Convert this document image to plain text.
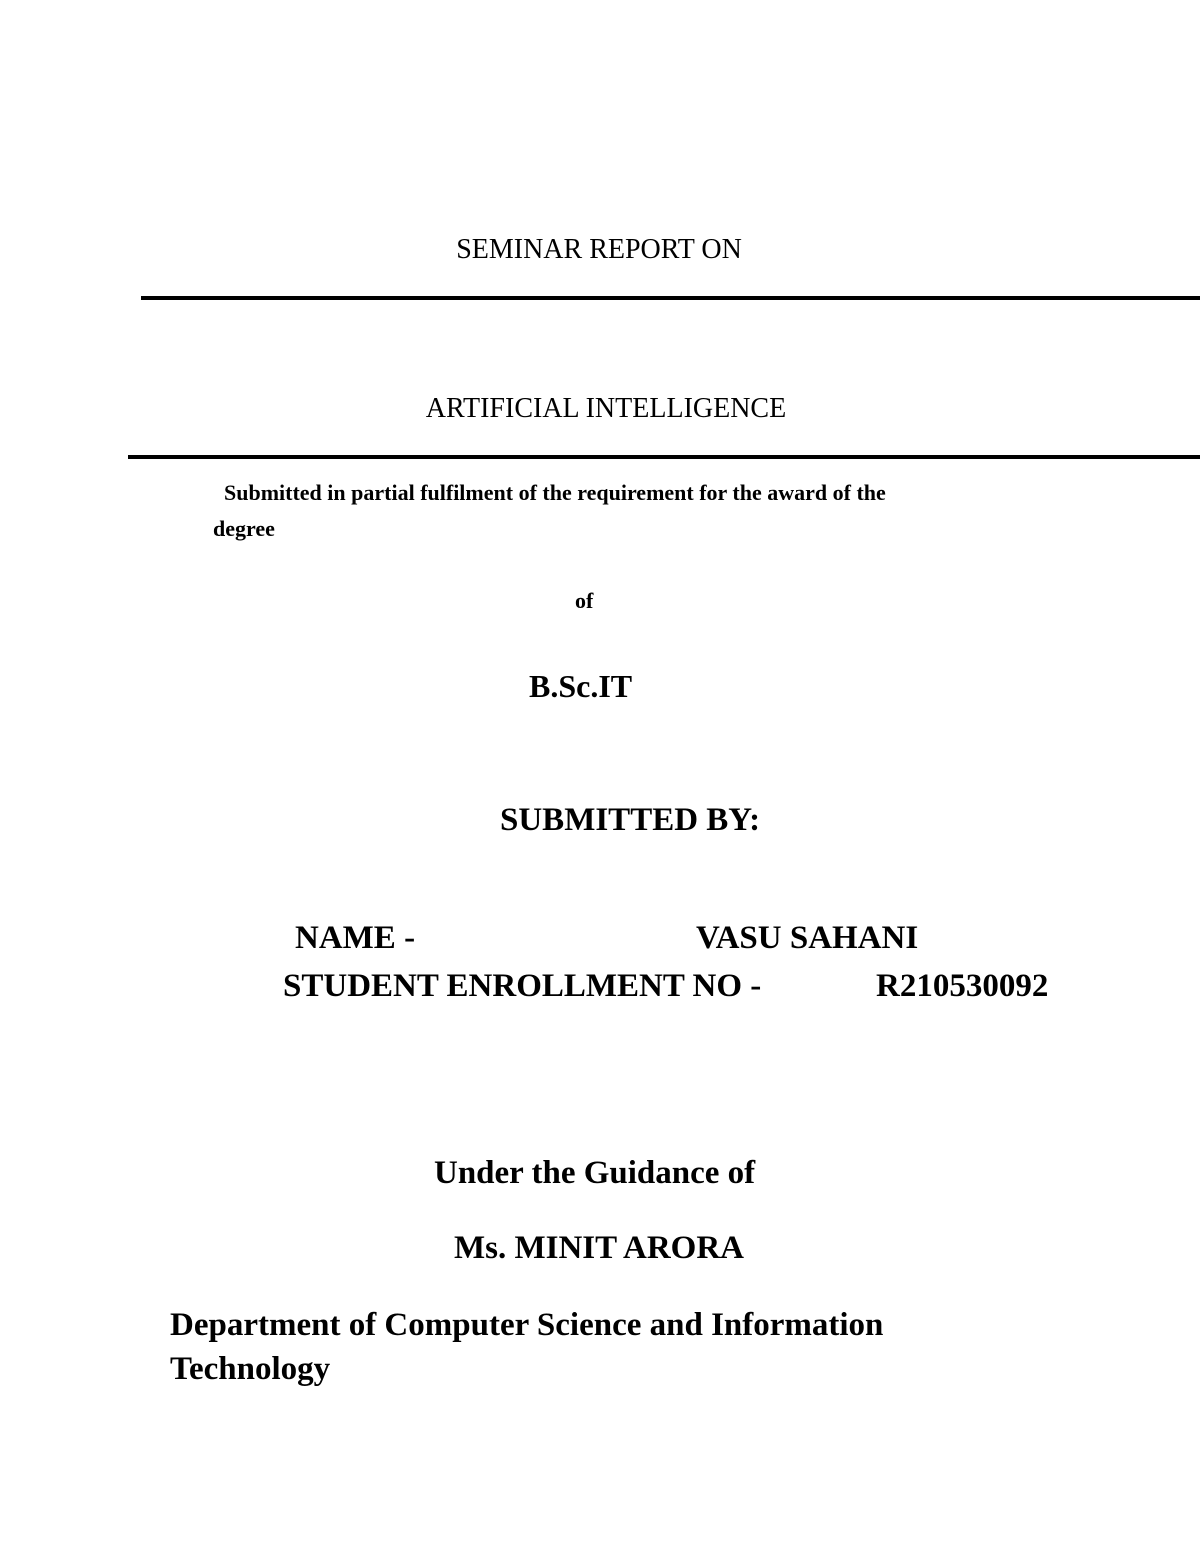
SEMINAR REPORT ON
ARTIFICIAL INTELLIGENCE
Submitted in partial fulfilment of the requirement for the award of the
degree
of
B.Sc.IT
SUBMITTED BY:
NAME -	VASU SAHANI
STUDENT ENROLLMENT NO -	R210530092
Under the Guidance of
Ms. MINIT ARORA
Department of Computer Science and Information
Technology
